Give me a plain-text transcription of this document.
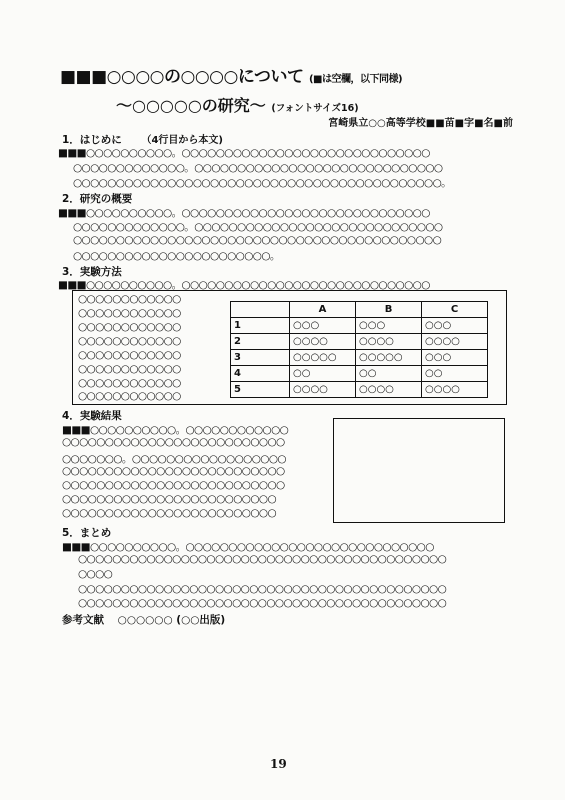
■■■○○○○の○○○○について (■は空欄，以下同様)
～○○○○○の研究～ (フォントサイズ16)
宮崎県立○○高等学校■■苗■字■名■前
1．はじめに （4行目から本文)
■■■○○○○○○○○○○。○○○○○○○○○○○○○○○○○○○○○○○○○○○○○
○○○○○○○○○○○○○。○○○○○○○○○○○○○○○○○○○○○○○○○○○○○
○○○○○○○○○○○○○○○○○○○○○○○○○○○○○○○○○○○○○○○○○○○。
2．研究の概要
■■■○○○○○○○○○○。○○○○○○○○○○○○○○○○○○○○○○○○○○○○○
○○○○○○○○○○○○○。○○○○○○○○○○○○○○○○○○○○○○○○○○○○○
○○○○○○○○○○○○○○○○○○○○○○○○○○○○○○○○○○○○○○○○○○○
○○○○○○○○○○○○○○○○○○○○○○○。
3．実験方法
■■■○○○○○○○○○○。○○○○○○○○○○○○○○○○○○○○○○○○○○○○○
○○○○○○○○○○○○
○○○○○○○○○○○○
○○○○○○○○○○○○
○○○○○○○○○○○○
○○○○○○○○○○○○
○○○○○○○○○○○○
○○○○○○○○○○○○
○○○○○○○○○○○○
	A	B	C
1	○○○	○○○	○○○
2	○○○○	○○○○	○○○○
3	○○○○○	○○○○○	○○○
4	○○	○○	○○
5	○○○○	○○○○	○○○○
4．実験結果
■■■○○○○○○○○○○。○○○○○○○○○○○○
○○○○○○○○○○○○○○○○○○○○○○○○○○
○○○○○○○。○○○○○○○○○○○○○○○○○○
○○○○○○○○○○○○○○○○○○○○○○○○○○
○○○○○○○○○○○○○○○○○○○○○○○○○○
○○○○○○○○○○○○○○○○○○○○○○○○○
○○○○○○○○○○○○○○○○○○○○○○○○○
5．まとめ
■■■○○○○○○○○○○。○○○○○○○○○○○○○○○○○○○○○○○○○○○○○
○○○○○○○○○○○○○○○○○○○○○○○○○○○○○○○○○○○○○○○○○○○
○○○○
○○○○○○○○○○○○○○○○○○○○○○○○○○○○○○○○○○○○○○○○○○○
○○○○○○○○○○○○○○○○○○○○○○○○○○○○○○○○○○○○○○○○○○○
参考文献 ○○○○○○ (○○出版)
19
